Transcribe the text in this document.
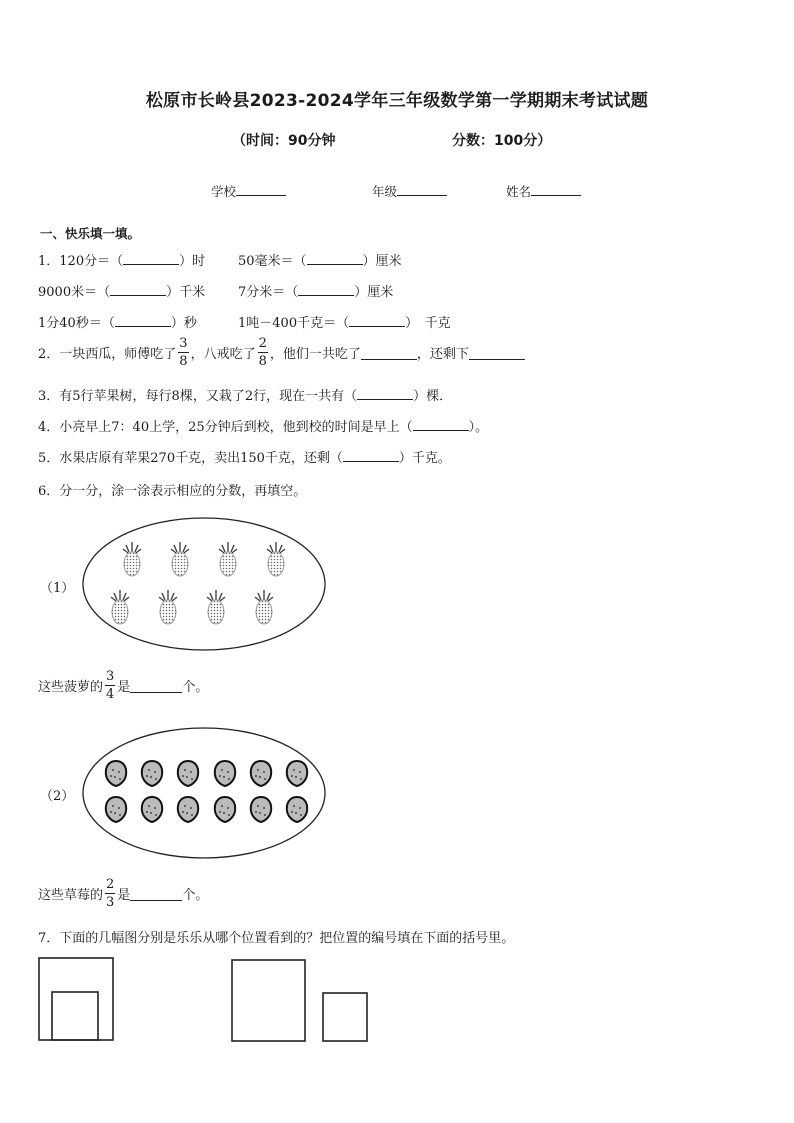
松原市长岭县2023-2024学年三年级数学第一学期期末考试试题
（时间：90分钟	分数：100分）
学校	年级	姓名
一、快乐填一填。
1．120分＝（	）时	50毫米＝（	）厘米
9000米＝（	）千米	7分米＝（	）厘米
1分40秒＝（	）秒	1吨－400千克＝（	）　千克
2．一块西瓜，师傅吃了 $\frac{3}{8}$ ，八戒吃了 $\frac{2}{8}$ ，他们一共吃了	，还剩下
3．有5行苹果树，每行8棵，又栽了2行，现在一共有（	）棵．
4．小亮早上7：40上学，25分钟后到校，他到校的时间是早上（	）。
5．水果店原有苹果270千克，卖出150千克，还剩（	）千克。
6．分一分，涂一涂表示相应的分数，再填空。
（1）
这些菠萝的 $\frac{3}{4}$ 是	个。
（2）
这些草莓的 $\frac{2}{3}$ 是	个。
7．下面的几幅图分别是乐乐从哪个位置看到的？把位置的编号填在下面的括号里。
